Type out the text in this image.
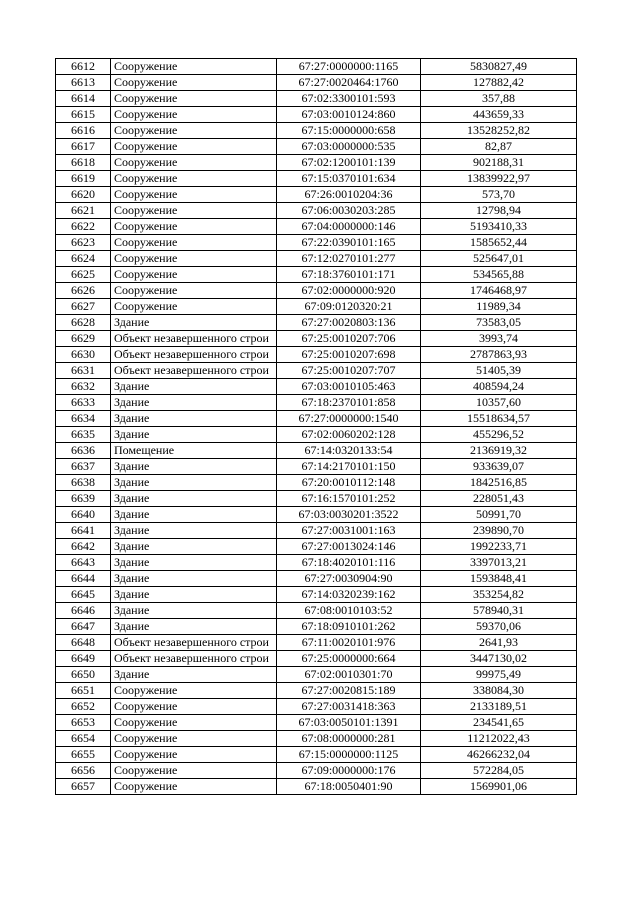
6612	Сооружение	67:27:0000000:1165	5830827,49
6613	Сооружение	67:27:0020464:1760	127882,42
6614	Сооружение	67:02:3300101:593	357,88
6615	Сооружение	67:03:0010124:860	443659,33
6616	Сооружение	67:15:0000000:658	13528252,82
6617	Сооружение	67:03:0000000:535	82,87
6618	Сооружение	67:02:1200101:139	902188,31
6619	Сооружение	67:15:0370101:634	13839922,97
6620	Сооружение	67:26:0010204:36	573,70
6621	Сооружение	67:06:0030203:285	12798,94
6622	Сооружение	67:04:0000000:146	5193410,33
6623	Сооружение	67:22:0390101:165	1585652,44
6624	Сооружение	67:12:0270101:277	525647,01
6625	Сооружение	67:18:3760101:171	534565,88
6626	Сооружение	67:02:0000000:920	1746468,97
6627	Сооружение	67:09:0120320:21	11989,34
6628	Здание	67:27:0020803:136	73583,05
6629	Объект незавершенного строи	67:25:0010207:706	3993,74
6630	Объект незавершенного строи	67:25:0010207:698	2787863,93
6631	Объект незавершенного строи	67:25:0010207:707	51405,39
6632	Здание	67:03:0010105:463	408594,24
6633	Здание	67:18:2370101:858	10357,60
6634	Здание	67:27:0000000:1540	15518634,57
6635	Здание	67:02:0060202:128	455296,52
6636	Помещение	67:14:0320133:54	2136919,32
6637	Здание	67:14:2170101:150	933639,07
6638	Здание	67:20:0010112:148	1842516,85
6639	Здание	67:16:1570101:252	228051,43
6640	Здание	67:03:0030201:3522	50991,70
6641	Здание	67:27:0031001:163	239890,70
6642	Здание	67:27:0013024:146	1992233,71
6643	Здание	67:18:4020101:116	3397013,21
6644	Здание	67:27:0030904:90	1593848,41
6645	Здание	67:14:0320239:162	353254,82
6646	Здание	67:08:0010103:52	578940,31
6647	Здание	67:18:0910101:262	59370,06
6648	Объект незавершенного строи	67:11:0020101:976	2641,93
6649	Объект незавершенного строи	67:25:0000000:664	3447130,02
6650	Здание	67:02:0010301:70	99975,49
6651	Сооружение	67:27:0020815:189	338084,30
6652	Сооружение	67:27:0031418:363	2133189,51
6653	Сооружение	67:03:0050101:1391	234541,65
6654	Сооружение	67:08:0000000:281	11212022,43
6655	Сооружение	67:15:0000000:1125	46266232,04
6656	Сооружение	67:09:0000000:176	572284,05
6657	Сооружение	67:18:0050401:90	1569901,06
